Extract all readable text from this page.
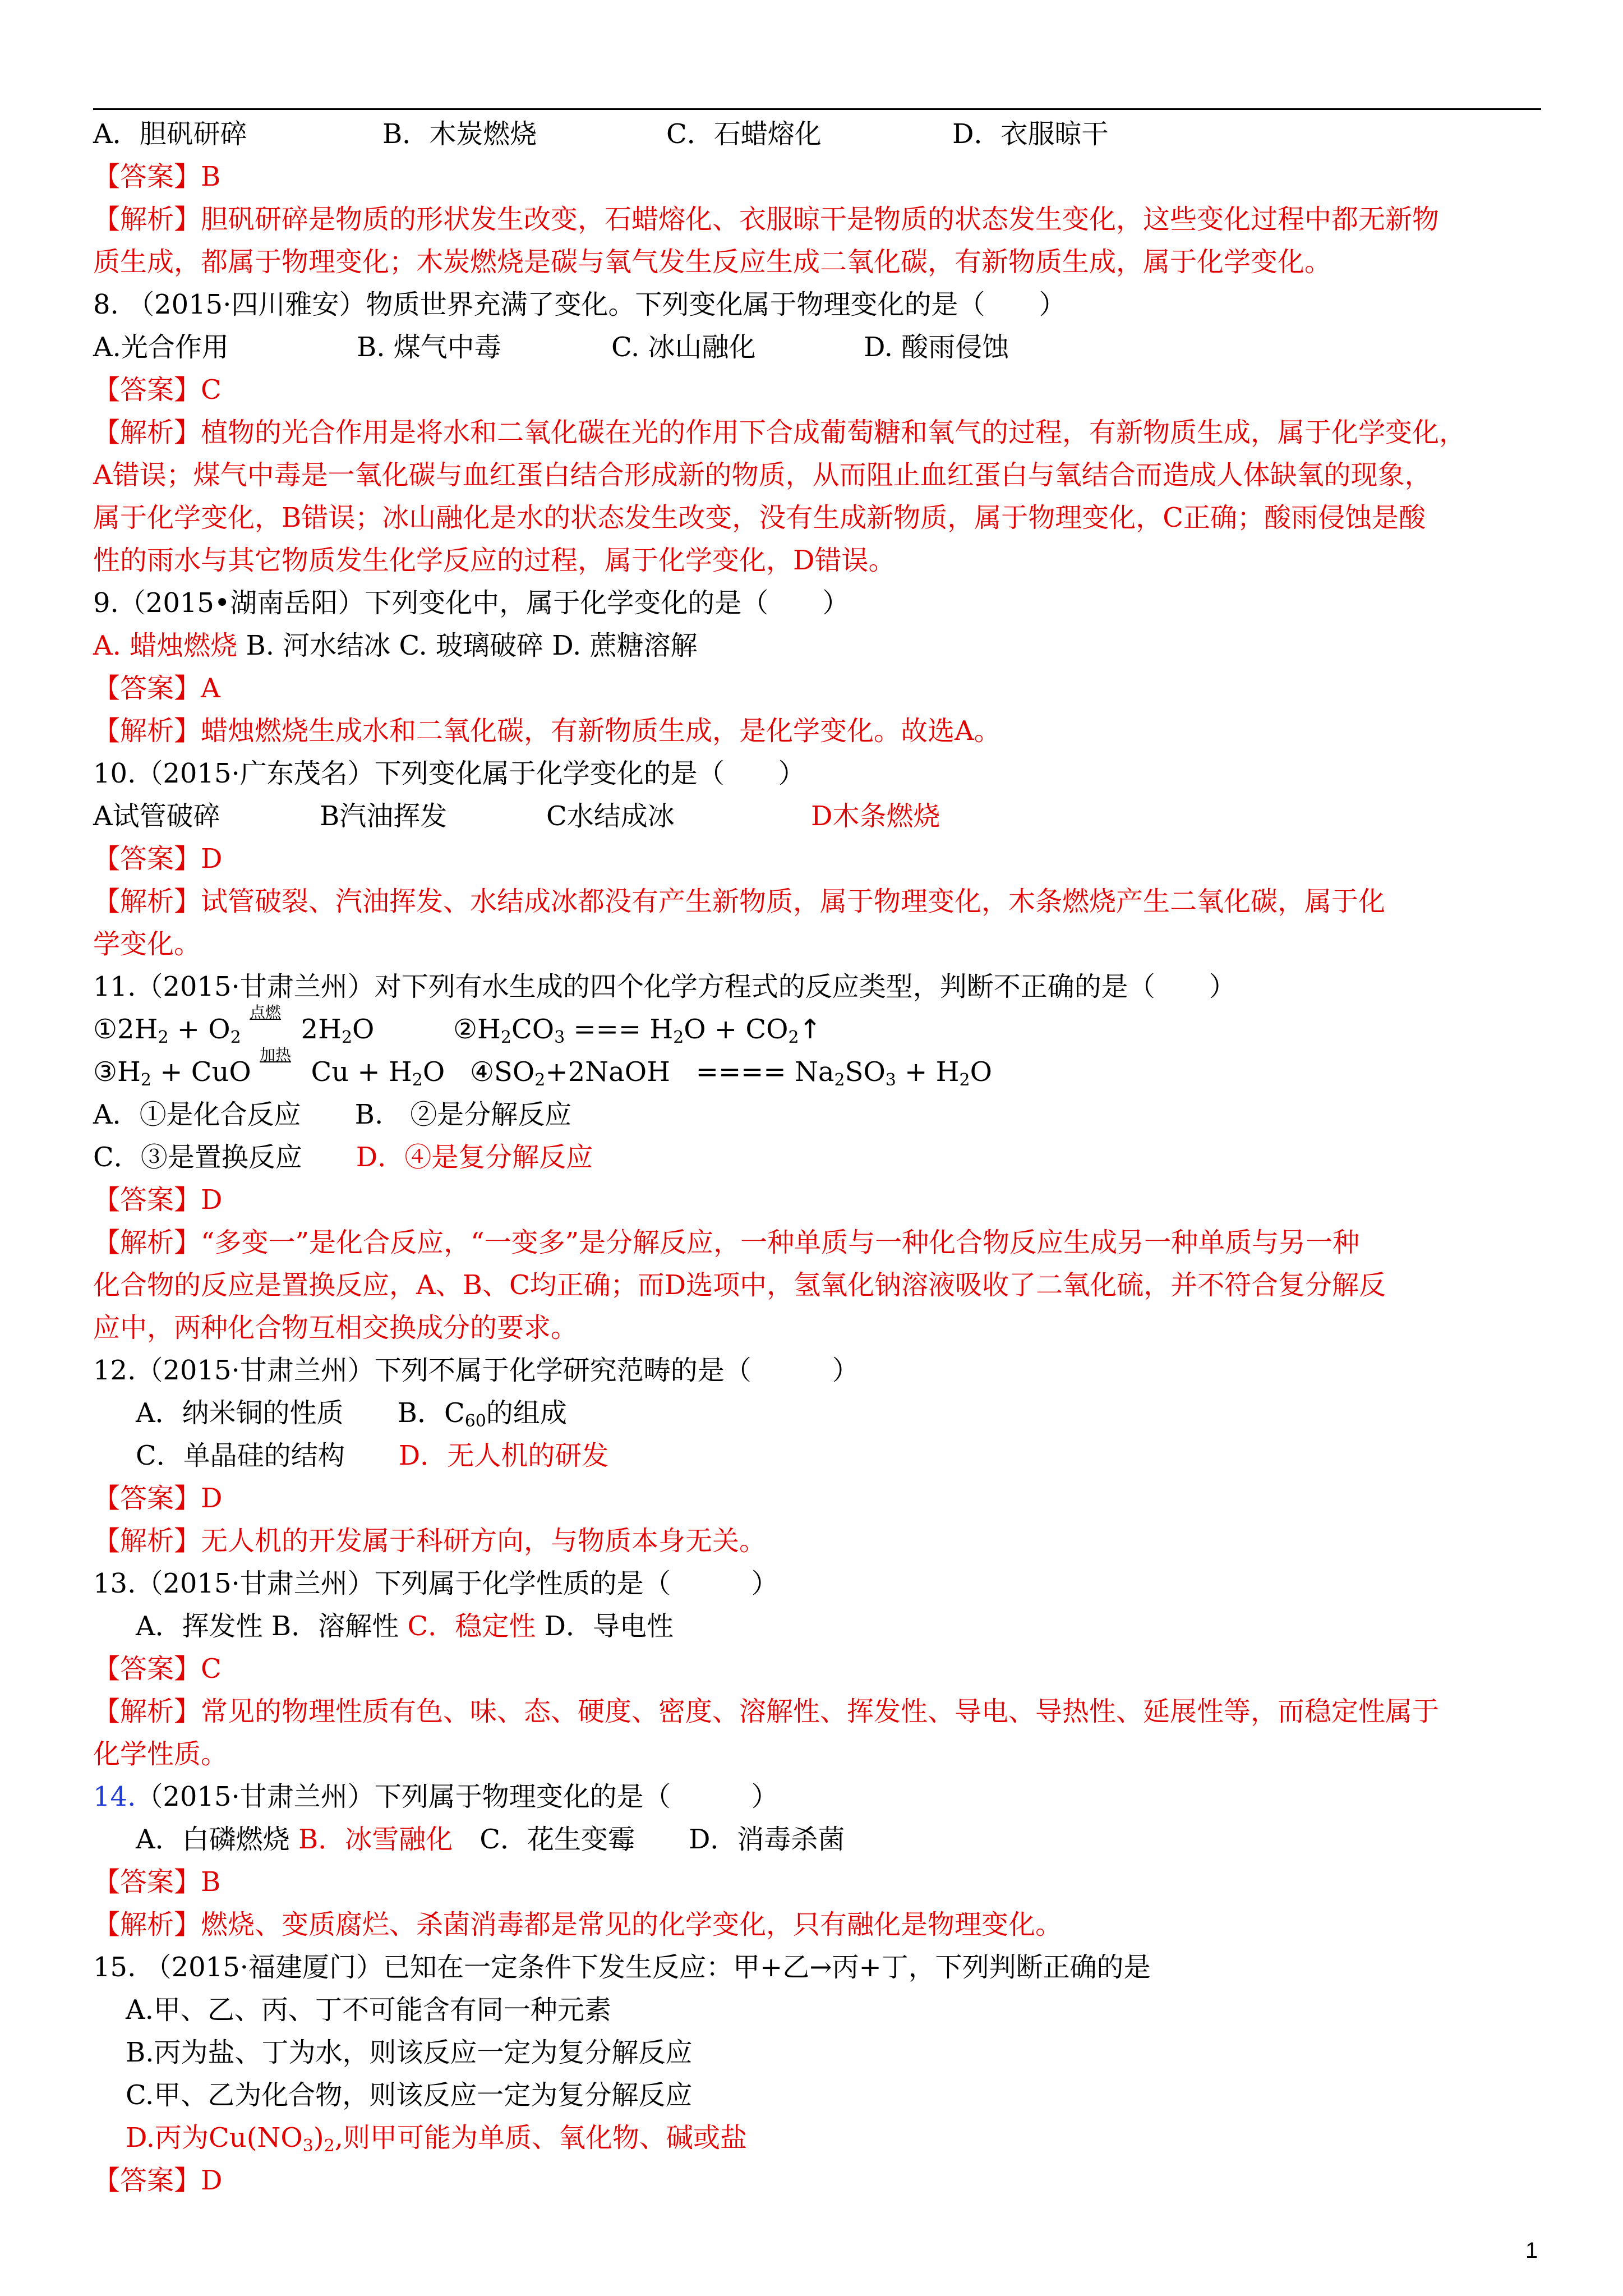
A．胆矾研碎	B．木炭燃烧	C．石蜡熔化	D．衣服晾干
【答案】B
【解析】胆矾研碎是物质的形状发生改变，石蜡熔化、衣服晾干是物质的状态发生变化，这些变化过程中都无新物
质生成，都属于物理变化；木炭燃烧是碳与氧气发生反应生成二氧化碳，有新物质生成，属于化学变化。
8. （2015·四川雅安）物质世界充满了变化。下列变化属于物理变化的是（　　）
A.光合作用	B. 煤气中毒	C. 冰山融化	D. 酸雨侵蚀
【答案】C
【解析】植物的光合作用是将水和二氧化碳在光的作用下合成葡萄糖和氧气的过程，有新物质生成，属于化学变化，
A错误；煤气中毒是一氧化碳与血红蛋白结合形成新的物质，从而阻止血红蛋白与氧结合而造成人体缺氧的现象，
属于化学变化，B错误；冰山融化是水的状态发生改变，没有生成新物质，属于物理变化，C正确；酸雨侵蚀是酸
性的雨水与其它物质发生化学反应的过程，属于化学变化，D错误。
9.（2015•湖南岳阳）下列变化中，属于化学变化的是（　　）
A. 蜡烛燃烧 B. 河水结冰 C. 玻璃破碎 D. 蔗糖溶解
【答案】A
【解析】蜡烛燃烧生成水和二氧化碳，有新物质生成，是化学变化。故选A。
10.（2015·广东茂名）下列变化属于化学变化的是（　　）
A试管破碎	B汽油挥发	C水结成冰	D木条燃烧
【答案】D
【解析】试管破裂、汽油挥发、水结成冰都没有产生新物质，属于物理变化，木条燃烧产生二氧化碳，属于化
学变化。
11.（2015·甘肃兰州）对下列有水生成的四个化学方程式的反应类型，判断不正确的是（　　）
$①2H_2 + O_2$
点燃
$2H_2O$	$②H_2CO_3$ === $H_2O$ + $CO_2↑$
$③H_2$ + CuO
加热
$Cu + H_2O$ $④SO_2+2NaOH$   ==== $Na_2SO_3 + H_2O$
A．①是化合反应　　B.　②是分解反应
C．③是置换反应　　D．④是复分解反应
【答案】D
【解析】“多变一”是化合反应，“一变多”是分解反应，一种单质与一种化合物反应生成另一种单质与另一种
化合物的反应是置换反应，A、B、C均正确；而D选项中，氢氧化钠溶液吸收了二氧化硫，并不符合复分解反
应中，两种化合物互相交换成分的要求。
12.（2015·甘肃兰州）下列不属于化学研究范畴的是（　　　）
A．纳米铜的性质　　B．$C_{60}$的组成
C．单晶硅的结构　　D．无人机的研发
【答案】D
【解析】无人机的开发属于科研方向，与物质本身无关。
13.（2015·甘肃兰州）下列属于化学性质的是（　　　）
A．挥发性 B．溶解性 C．稳定性 D．导电性
【答案】C
【解析】常见的物理性质有色、味、态、硬度、密度、溶解性、挥发性、导电、导热性、延展性等，而稳定性属于
化学性质。
14.（2015·甘肃兰州）下列属于物理变化的是（　　　）
A．白磷燃烧 B．冰雪融化　C．花生变霉　　D．消毒杀菌
【答案】B
【解析】燃烧、变质腐烂、杀菌消毒都是常见的化学变化，只有融化是物理变化。
15. （2015·福建厦门）已知在一定条件下发生反应：甲+乙→丙+丁，下列判断正确的是
A.甲、乙、丙、丁不可能含有同一种元素
B.丙为盐、丁为水，则该反应一定为复分解反应
C.甲、乙为化合物，则该反应一定为复分解反应
D.丙为$Cu(NO_3)_2$,则甲可能为单质、氧化物、碱或盐
【答案】D
1
